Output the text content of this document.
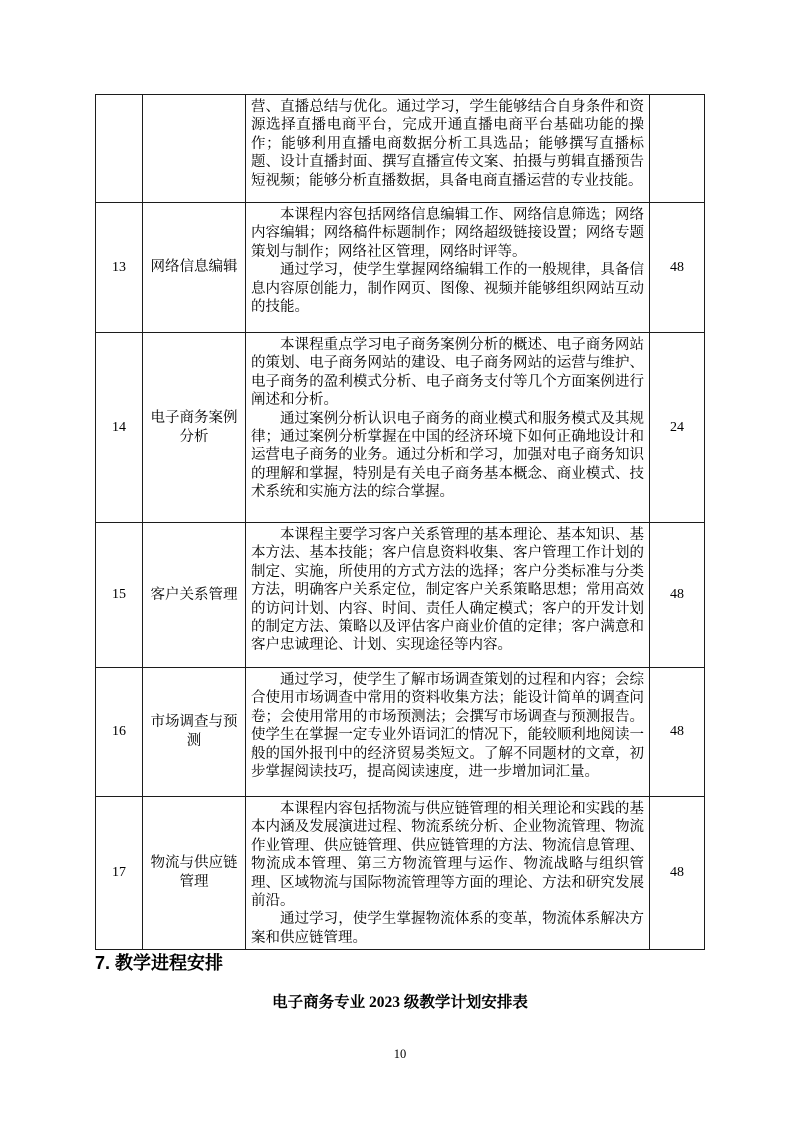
		营、直播总结与优化。通过学习，学生能够结合自身条件和资源选择直播电商平台，完成开通直播电商平台基础功能的操作；能够利用直播电商数据分析工具选品；能够撰写直播标题、设计直播封面、撰写直播宣传文案、拍摄与剪辑直播预告短视频；能够分析直播数据，具备电商直播运营的专业技能。	

13	网络信息编辑	本课程内容包括网络信息编辑工作、网络信息筛选；网络内容编辑；网络稿件标题制作；网络超级链接设置；网络专题策划与制作；网络社区管理，网络时评等。

通过学习，使学生掌握网络编辑工作的一般规律，具备信息内容原创能力，制作网页、图像、视频并能够组织网站互动的技能。	48
14	电子商务案例分析	本课程重点学习电子商务案例分析的概述、电子商务网站的策划、电子商务网站的建设、电子商务网站的运营与维护、电子商务的盈利模式分析、电子商务支付等几个方面案例进行阐述和分析。

通过案例分析认识电子商务的商业模式和服务模式及其规律；通过案例分析掌握在中国的经济环境下如何正确地设计和运营电子商务的业务。通过分析和学习，加强对电子商务知识的理解和掌握，特别是有关电子商务基本概念、商业模式、技术系统和实施方法的综合掌握。	24
15	客户关系管理	本课程主要学习客户关系管理的基本理论、基本知识、基本方法、基本技能；客户信息资料收集、客户管理工作计划的制定、实施，所使用的方式方法的选择；客户分类标准与分类方法，明确客户关系定位，制定客户关系策略思想；常用高效的访问计划、内容、时间、责任人确定模式；客户的开发计划的制定方法、策略以及评估客户商业价值的定律；客户满意和客户忠诚理论、计划、实现途径等内容。	48
16	市场调查与预测	通过学习，使学生了解市场调查策划的过程和内容；会综合使用市场调查中常用的资料收集方法；能设计简单的调查问卷；会使用常用的市场预测法；会撰写市场调查与预测报告。使学生在掌握一定专业外语词汇的情况下，能较顺利地阅读一般的国外报刊中的经济贸易类短文。了解不同题材的文章，初步掌握阅读技巧，提高阅读速度，进一步增加词汇量。	48
17	物流与供应链管理	本课程内容包括物流与供应链管理的相关理论和实践的基本内涵及发展演进过程、物流系统分析、企业物流管理、物流作业管理、供应链管理、供应链管理的方法、物流信息管理、物流成本管理、第三方物流管理与运作、物流战略与组织管理、区域物流与国际物流管理等方面的理论、方法和研究发展前沿。

通过学习，使学生掌握物流体系的变革，物流体系解决方案和供应链管理。	48
7. 教学进程安排
电子商务专业 2023 级教学计划安排表
10
